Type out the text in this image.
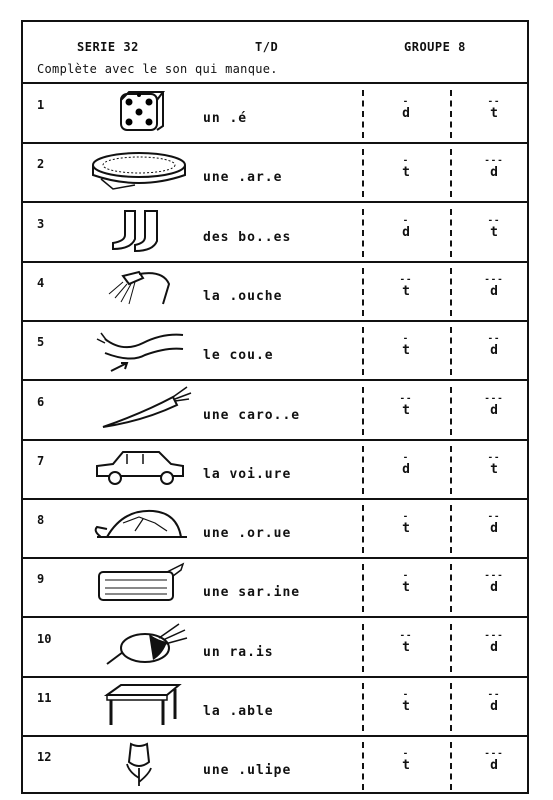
SERIE 32	T/D	GROUPE 8
Complète avec le son qui manque.
1
un .é
-
d
--
t
2
une .ar.e
-
t
---
d
3
des bo..es
-
d
--
t
4
la .ouche
--
t
---
d
5
le cou.e
-
t
--
d
6
une caro..e
--
t
---
d
7
la voi.ure
-
d
--
t
8
une .or.ue
-
t
--
d
9
une sar.ine
-
t
---
d
10
un ra.is
--
t
---
d
11
la .able
-
t
--
d
12
une .ulipe
-
t
---
d
